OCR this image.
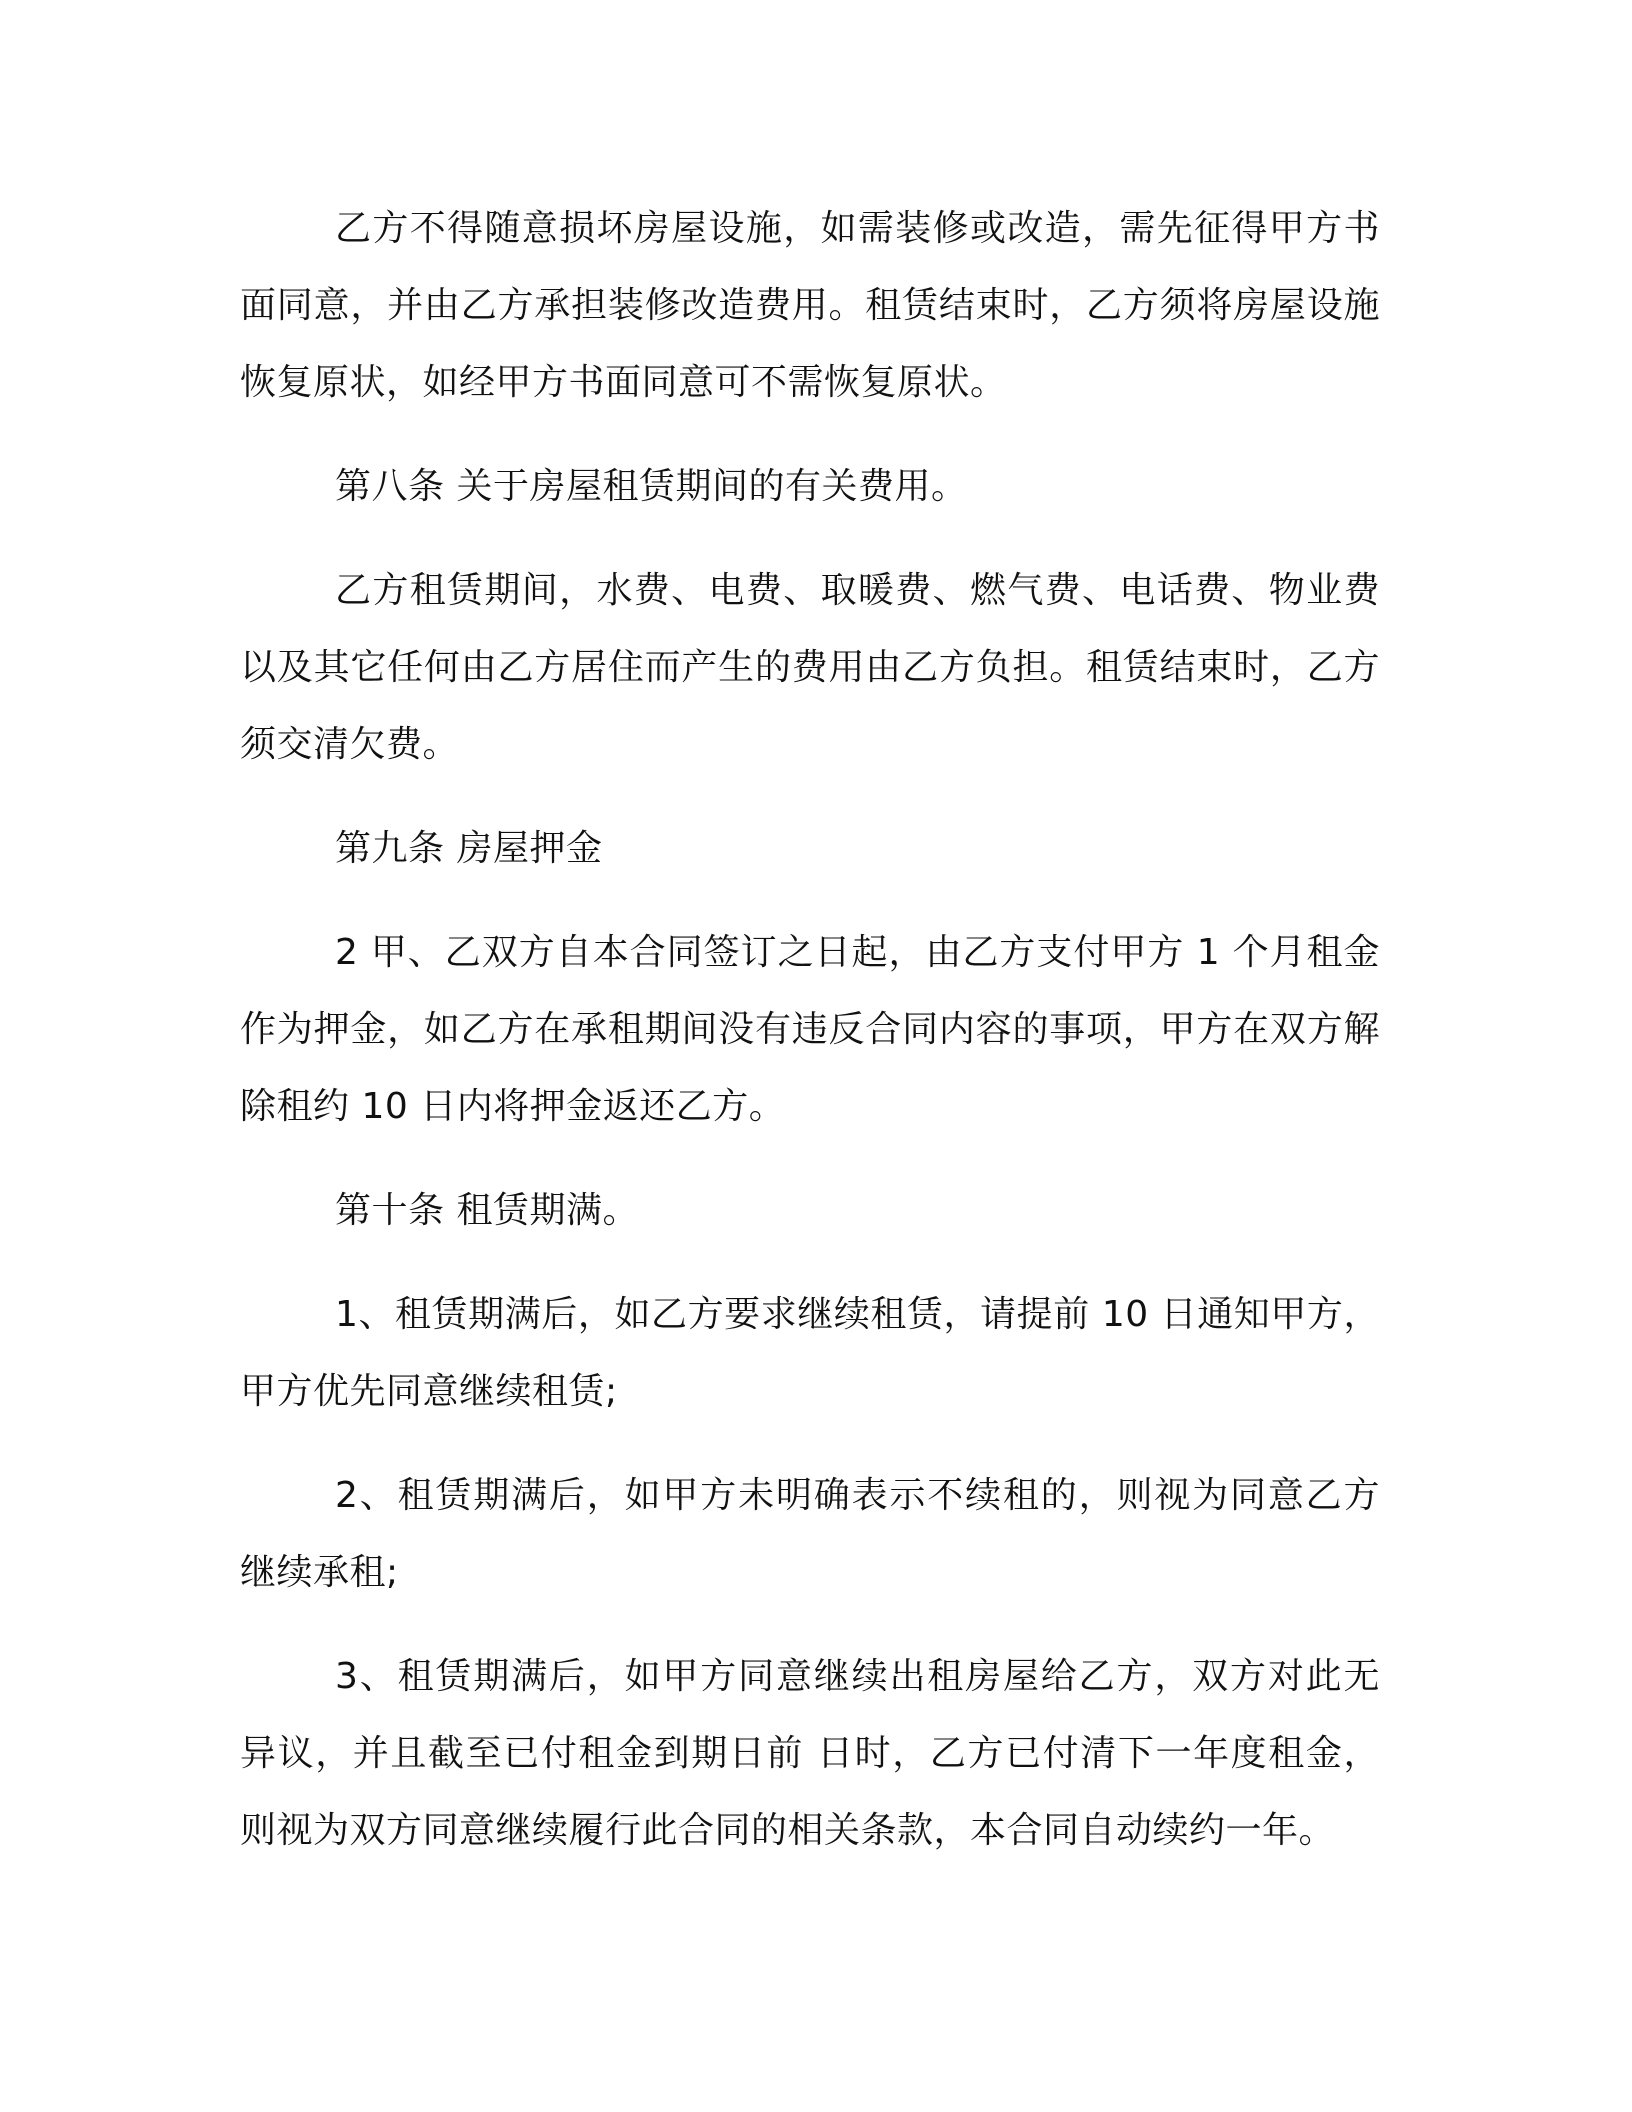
乙方不得随意损坏房屋设施，如需装修或改造，需先征得甲方书面同意，并由乙方承担装修改造费用。租赁结束时，乙方须将房屋设施恢复原状，如经甲方书面同意可不需恢复原状。

第八条 关于房屋租赁期间的有关费用。

乙方租赁期间，水费、电费、取暖费、燃气费、电话费、物业费以及其它任何由乙方居住而产生的费用由乙方负担。租赁结束时，乙方须交清欠费。

第九条 房屋押金

2 甲、乙双方自本合同签订之日起，由乙方支付甲方 1 个月租金作为押金，如乙方在承租期间没有违反合同内容的事项，甲方在双方解除租约 10 日内将押金返还乙方。

第十条 租赁期满。

1、租赁期满后，如乙方要求继续租赁，请提前 10 日通知甲方，甲方优先同意继续租赁;

2、租赁期满后，如甲方未明确表示不续租的，则视为同意乙方继续承租;

3、租赁期满后，如甲方同意继续出租房屋给乙方，双方对此无异议，并且截至已付租金到期日前 日时，乙方已付清下一年度租金，则视为双方同意继续履行此合同的相关条款，本合同自动续约一年。
